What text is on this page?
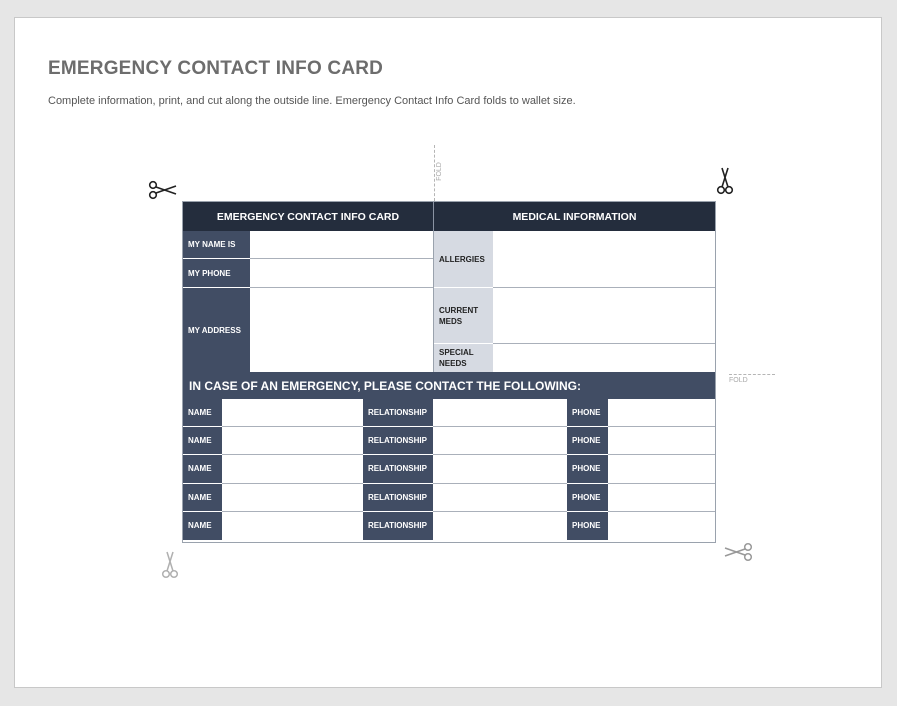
EMERGENCY CONTACT INFO CARD
Complete information, print, and cut along the outside line. Emergency Contact Info Card folds to wallet size.
FOLD
FOLD
EMERGENCY CONTACT INFO CARD	MEDICAL INFORMATION
MY NAME IS
MY PHONE
MY ADDRESS
ALLERGIES
CURRENT
MEDS
SPECIAL
NEEDS
IN CASE OF AN EMERGENCY, PLEASE CONTACT THE FOLLOWING:
NAME	RELATIONSHIP	PHONE
NAME	RELATIONSHIP	PHONE
NAME	RELATIONSHIP	PHONE
NAME	RELATIONSHIP	PHONE
NAME	RELATIONSHIP	PHONE
